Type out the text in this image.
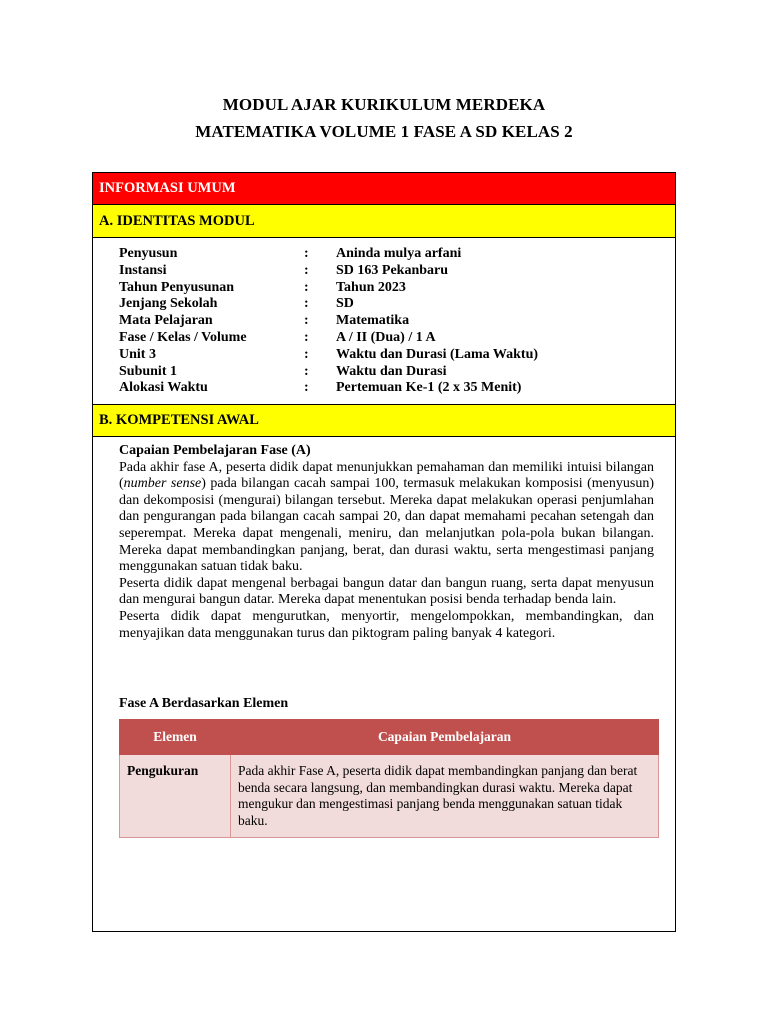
MODUL AJAR KURIKULUM MERDEKA
MATEMATIKA VOLUME 1 FASE A SD KELAS 2
INFORMASI UMUM
A. IDENTITAS MODUL
Penyusun	:	Aninda mulya arfani
Instansi	:	SD 163 Pekanbaru
Tahun Penyusunan	:	Tahun 2023
Jenjang Sekolah	:	SD
Mata Pelajaran	:	Matematika
Fase / Kelas / Volume	:	A / II (Dua) / 1 A
Unit 3	:	Waktu dan Durasi (Lama Waktu)
Subunit 1	:	Waktu dan Durasi
Alokasi Waktu	:	Pertemuan Ke-1 (2 x 35 Menit)
B. KOMPETENSI AWAL
Capaian Pembelajaran Fase (A)

Pada akhir fase A, peserta didik dapat menunjukkan pemahaman dan memiliki intuisi bilangan (number sense) pada bilangan cacah sampai 100, termasuk melakukan komposisi (menyusun) dan dekomposisi (mengurai) bilangan tersebut. Mereka dapat melakukan operasi penjumlahan dan pengurangan pada bilangan cacah sampai 20, dan dapat memahami pecahan setengah dan seperempat. Mereka dapat mengenali, meniru, dan melanjutkan pola-pola bukan bilangan. Mereka dapat membandingkan panjang, berat, dan durasi waktu, serta mengestimasi panjang menggunakan satuan tidak baku.

Peserta didik dapat mengenal berbagai bangun datar dan bangun ruang, serta dapat menyusun dan mengurai bangun datar. Mereka dapat menentukan posisi benda terhadap benda lain.

Peserta didik dapat mengurutkan, menyortir, mengelompokkan, membandingkan, dan menyajikan data menggunakan turus dan piktogram paling banyak 4 kategori.

Fase A Berdasarkan Elemen
Elemen	Capaian Pembelajaran
Pengukuran	Pada akhir Fase A, peserta didik dapat membandingkan panjang dan berat benda secara langsung, dan membandingkan durasi waktu. Mereka dapat mengukur dan mengestimasi panjang benda menggunakan satuan tidak baku.
